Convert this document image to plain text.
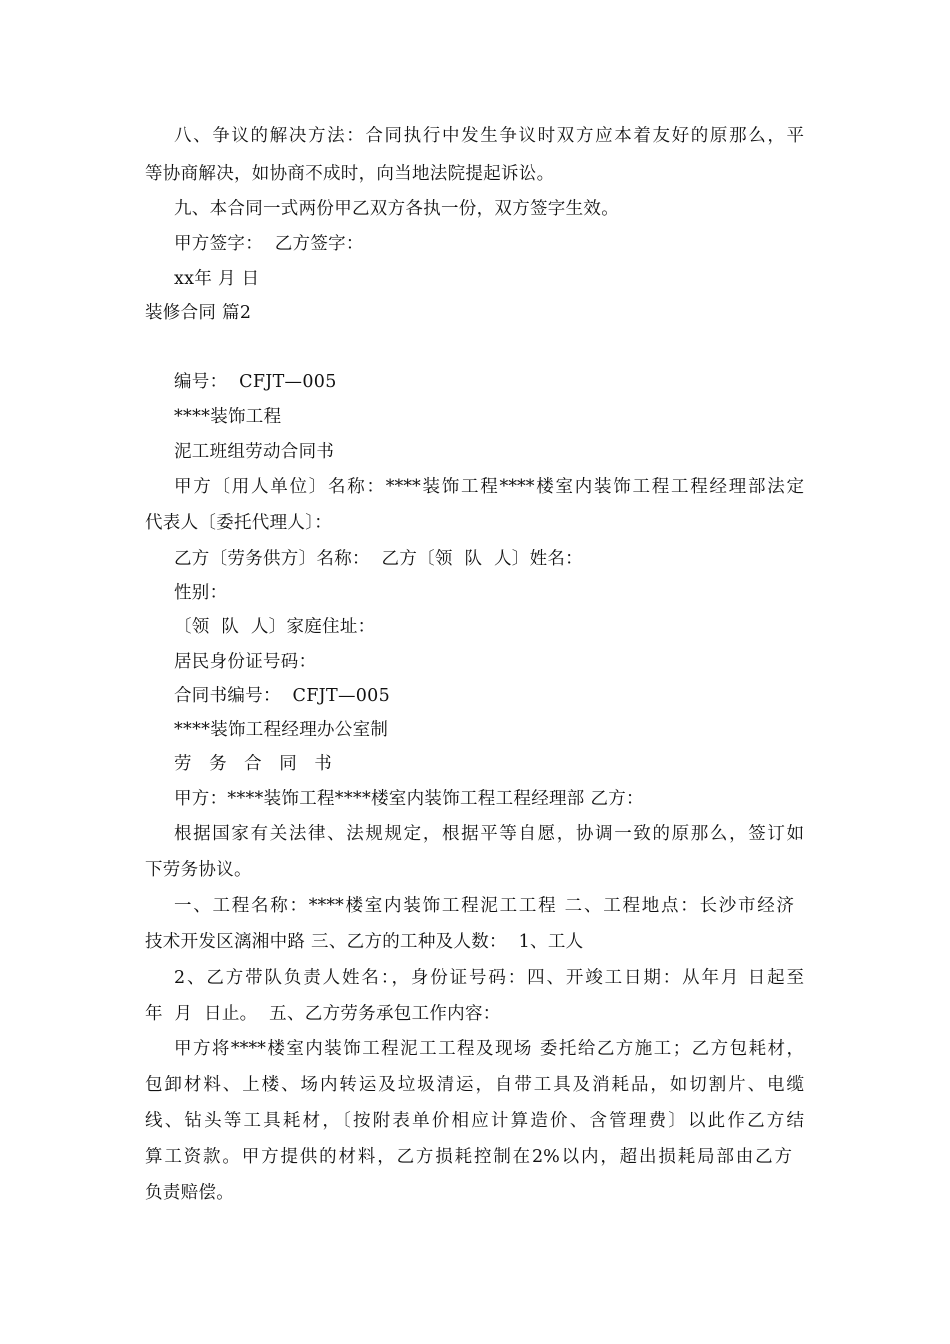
八、争议的解决方法：合同执行中发生争议时双方应本着友好的原那么，平
等协商解决，如协商不成时，向当地法院提起诉讼。
九、本合同一式两份甲乙双方各执一份，双方签字生效。
甲方签字：  乙方签字：
xx年 月 日
装修合同 篇2
编号：  CFJT—005
****装饰工程
泥工班组劳动合同书
甲方〔用人单位〕名称：****装饰工程****楼室内装饰工程工程经理部法定
代表人〔委托代理人〕：
乙方〔劳务供方〕名称：  乙方〔领  队  人〕姓名：
性别：
〔领  队  人〕家庭住址：
居民身份证号码：
合同书编号：  CFJT—005
****装饰工程经理办公室制
劳 务 合 同 书
甲方：****装饰工程****楼室内装饰工程工程经理部 乙方：
根据国家有关法律、法规规定，根据平等自愿，协调一致的原那么，签订如
下劳务协议。
一、工程名称：****楼室内装饰工程泥工工程 二、工程地点：长沙市经济
技术开发区漓湘中路 三、乙方的工种及人数：  1、工人
2、乙方带队负责人姓名：，身份证号码：四、开竣工日期：从年月 日起至
年  月  日止。  五、乙方劳务承包工作内容：
甲方将****楼室内装饰工程泥工工程及现场 委托给乙方施工；乙方包耗材，
包卸材料、上楼、场内转运及垃圾清运，自带工具及消耗品，如切割片、电缆
线、钻头等工具耗材，〔按附表单价相应计算造价、含管理费〕以此作乙方结
算工资款。甲方提供的材料，乙方损耗控制在2%以内，超出损耗局部由乙方
负责赔偿。
